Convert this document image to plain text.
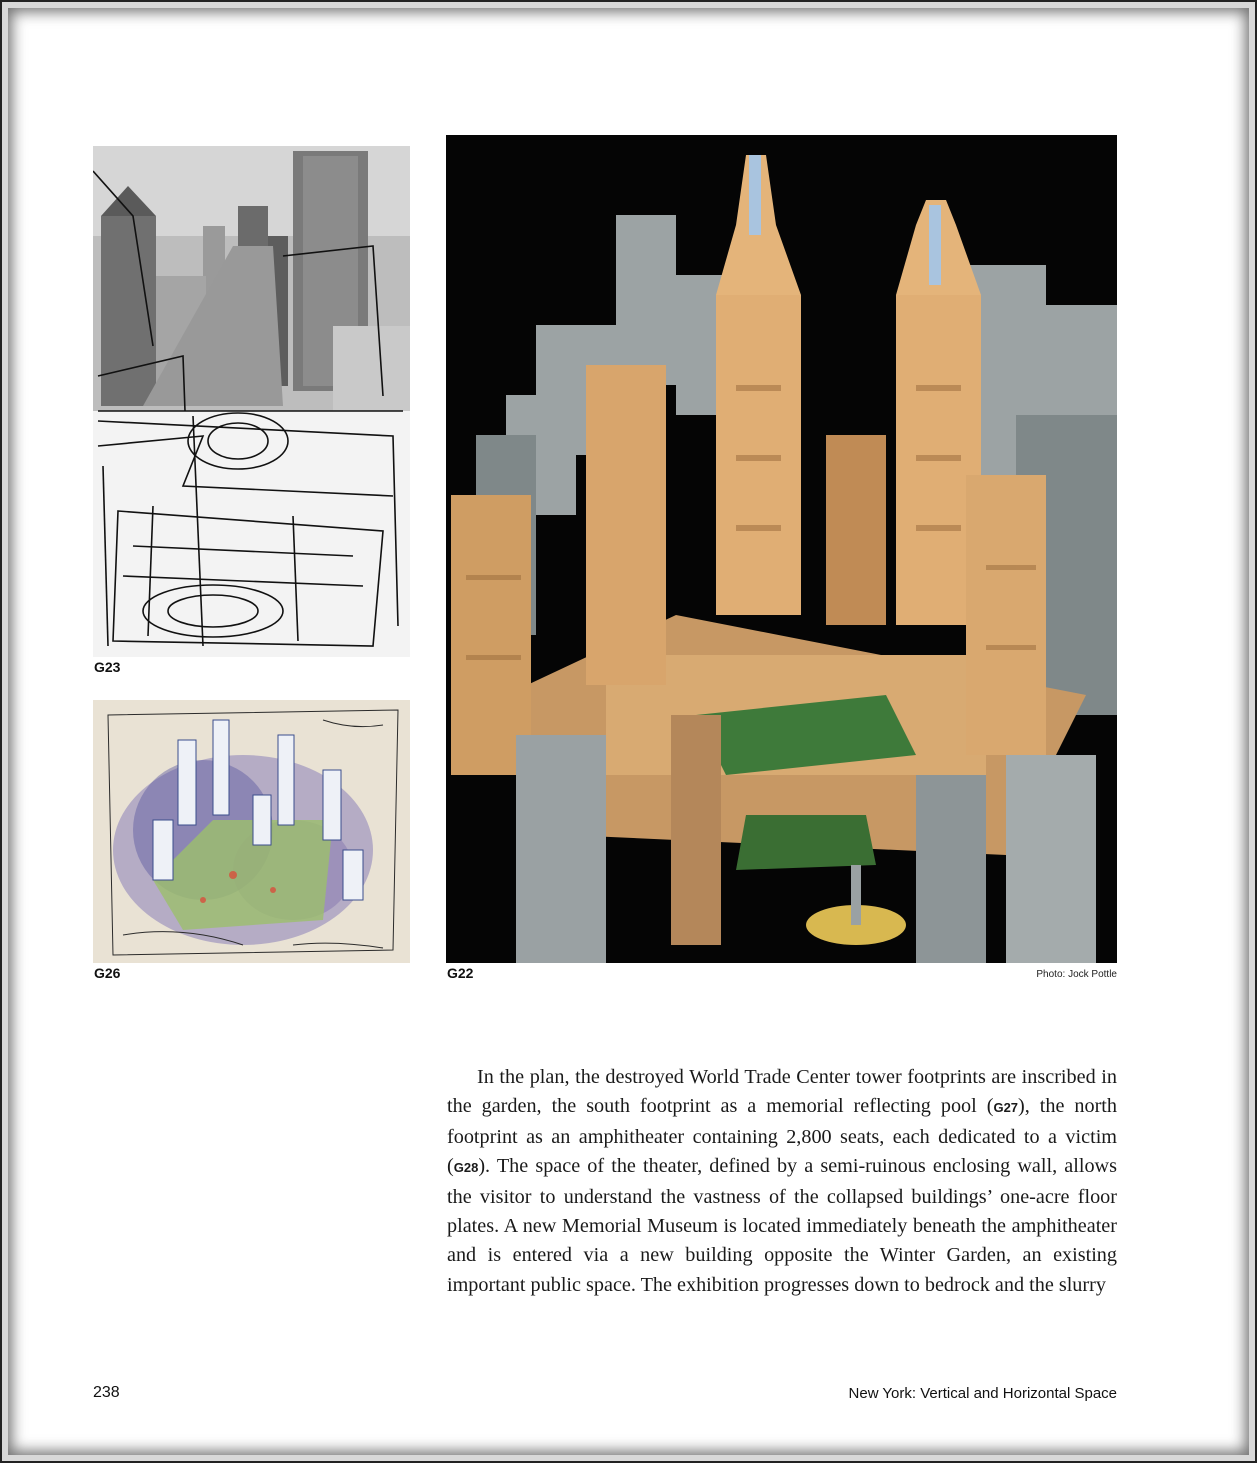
G23
G26	G22	Photo: Jock Pottle

In the plan, the destroyed World Trade Center tower footprints are inscribed in the garden, the south footprint as a memorial reflecting pool (G27), the north footprint as an amphitheater containing 2,800 seats, each dedicated to a victim (G28). The space of the theater, defined by a semi-ruinous enclosing wall, allows the visitor to understand the vastness of the collapsed buildings’ one-acre floor plates. A new Memorial Museum is located immediately beneath the amphitheater and is entered via a new building opposite the Winter Garden, an existing important public space. The exhibition progresses down to bedrock and the slurry

238	New York: Vertical and Horizontal Space
